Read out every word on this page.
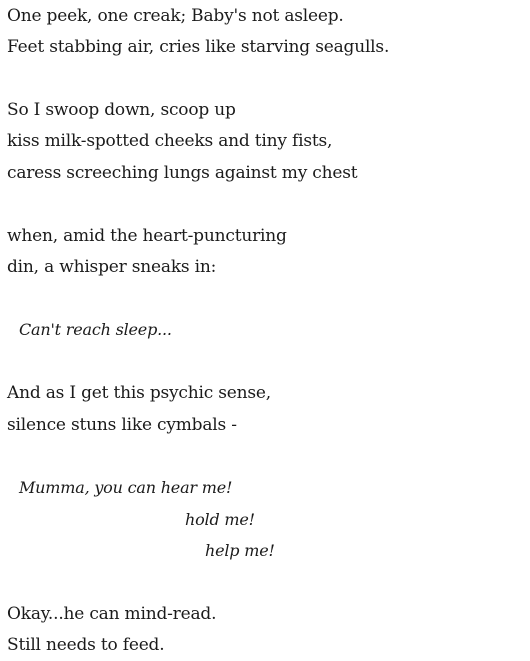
One peek, one creak; Baby's not asleep.
Feet stabbing air, cries like starving seagulls.
So I swoop down, scoop up
kiss milk-spotted cheeks and tiny fists,
caress screeching lungs against my chest
when, amid the heart-puncturing
din, a whisper sneaks in:
Can't reach sleep...
And as I get this psychic sense,
silence stuns like cymbals -
Mumma, you can hear me!
hold me!
help me!
Okay...he can mind-read.
Still needs to feed.
